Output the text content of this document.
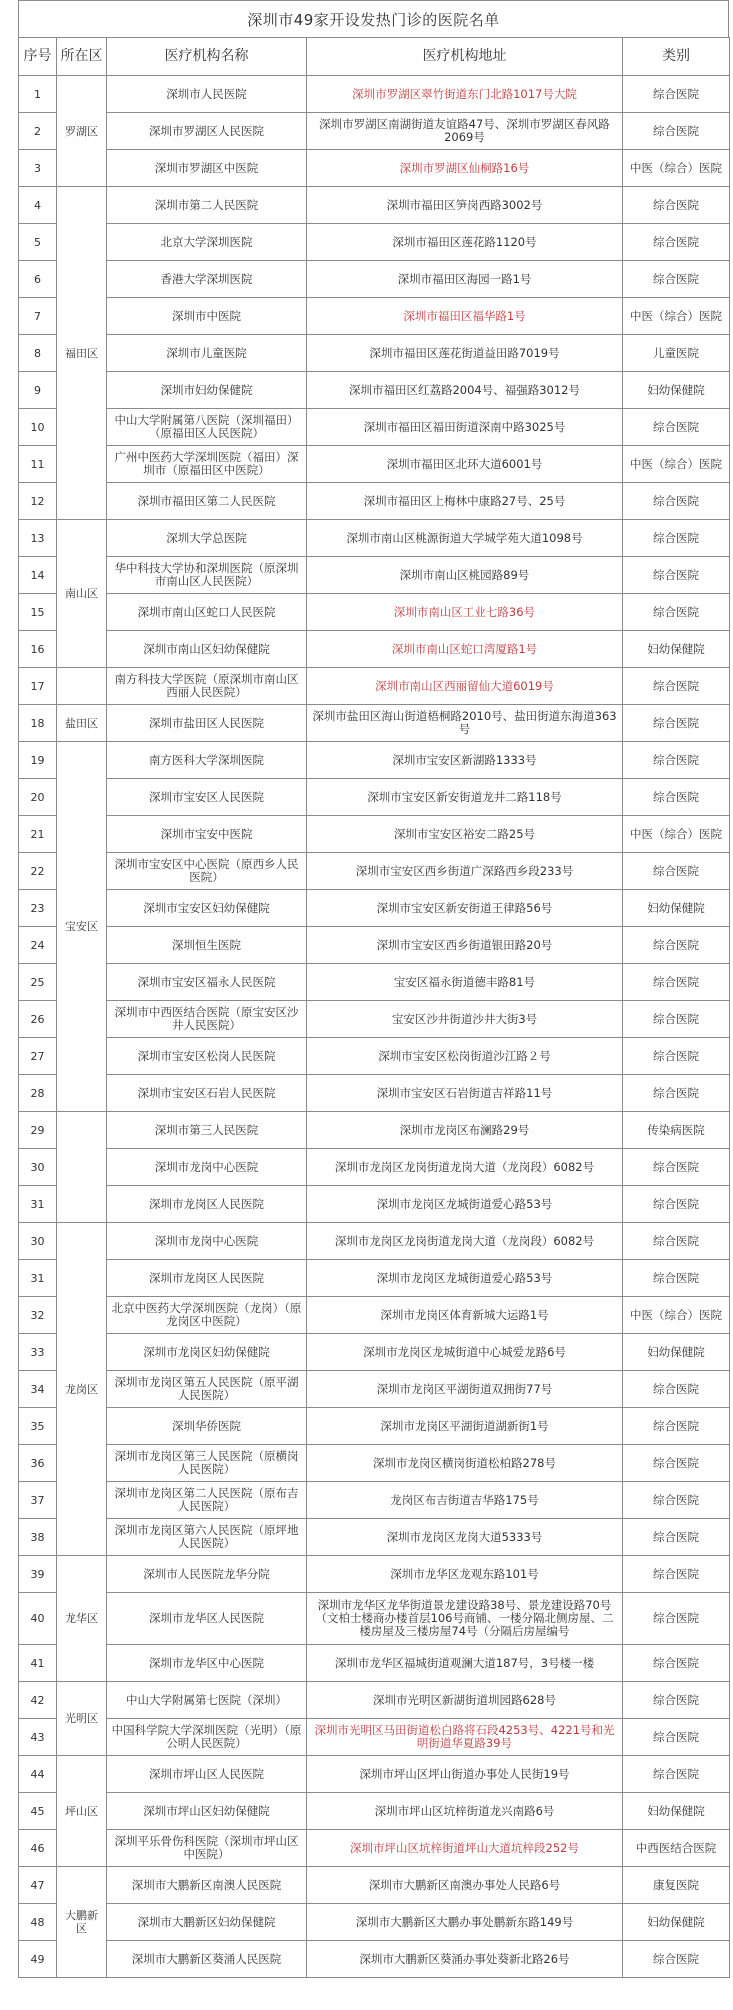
深圳市49家开设发热门诊的医院名单
序号	所在区	医疗机构名称	医疗机构地址	类别
1	罗湖区	深圳市人民医院	深圳市罗湖区翠竹街道东门北路1017号大院	综合医院
2		深圳市罗湖区人民医院	深圳市罗湖区南湖街道友谊路47号、深圳市罗湖区春风路2069号	综合医院
3		深圳市罗湖区中医院	深圳市罗湖区仙桐路16号	中医（综合）医院
4	福田区	深圳市第二人民医院	深圳市福田区笋岗西路3002号	综合医院
5		北京大学深圳医院	深圳市福田区莲花路1120号	综合医院
6		香港大学深圳医院	深圳市福田区海园一路1号	综合医院
7		深圳市中医院	深圳市福田区福华路1号	中医（综合）医院
8		深圳市儿童医院	深圳市福田区莲花街道益田路7019号	儿童医院
9		深圳市妇幼保健院	深圳市福田区红荔路2004号、福强路3012号	妇幼保健院
10		中山大学附属第八医院（深圳福田）（原福田区人民医院）	深圳市福田区福田街道深南中路3025号	综合医院
11		广州中医药大学深圳医院（福田）深圳市（原福田区中医院）	深圳市福田区北环大道6001号	中医（综合）医院
12		深圳市福田区第二人民医院	深圳市福田区上梅林中康路27号、25号	综合医院
13	南山区	深圳大学总医院	深圳市南山区桃源街道大学城学苑大道1098号	综合医院
14		华中科技大学协和深圳医院（原深圳市南山区人民医院）	深圳市南山区桃园路89号	综合医院
15		深圳市南山区蛇口人民医院	深圳市南山区工业七路36号	综合医院
16		深圳市南山区妇幼保健院	深圳市南山区蛇口湾厦路1号	妇幼保健院
17		南方科技大学医院（原深圳市南山区西丽人民医院）	深圳市南山区西丽留仙大道6019号	综合医院
18	盐田区	深圳市盐田区人民医院	深圳市盐田区海山街道梧桐路2010号、盐田街道东海道363号	综合医院
19	宝安区	南方医科大学深圳医院	深圳市宝安区新湖路1333号	综合医院
20		深圳市宝安区人民医院	深圳市宝安区新安街道龙井二路118号	综合医院
21		深圳市宝安中医院	深圳市宝安区裕安二路25号	中医（综合）医院
22		深圳市宝安区中心医院（原西乡人民医院）	深圳市宝安区西乡街道广深路西乡段233号	综合医院
23		深圳市宝安区妇幼保健院	深圳市宝安区新安街道王律路56号	妇幼保健院
24		深圳恒生医院	深圳市宝安区西乡街道银田路20号	综合医院
25		深圳市宝安区福永人民医院	宝安区福永街道德丰路81号	综合医院
26		深圳市中西医结合医院（原宝安区沙井人民医院）	宝安区沙井街道沙井大街3号	综合医院
27		深圳市宝安区松岗人民医院	深圳市宝安区松岗街道沙江路２号	综合医院
28		深圳市宝安区石岩人民医院	深圳市宝安区石岩街道吉祥路11号	综合医院
29		深圳市第三人民医院	深圳市龙岗区布澜路29号	传染病医院
30		深圳市龙岗中心医院	深圳市龙岗区龙岗街道龙岗大道（龙岗段）6082号	综合医院
31		深圳市龙岗区人民医院	深圳市龙岗区龙城街道爱心路53号	综合医院
30	龙岗区	深圳市龙岗中心医院	深圳市龙岗区龙岗街道龙岗大道（龙岗段）6082号	综合医院
31		深圳市龙岗区人民医院	深圳市龙岗区龙城街道爱心路53号	综合医院
32		北京中医药大学深圳医院（龙岗）（原龙岗区中医院）	深圳市龙岗区体育新城大运路1号	中医（综合）医院
33		深圳市龙岗区妇幼保健院	深圳市龙岗区龙城街道中心城爱龙路6号	妇幼保健院
34		深圳市龙岗区第五人民医院（原平湖人民医院）	深圳市龙岗区平湖街道双拥街77号	综合医院
35		深圳华侨医院	深圳市龙岗区平湖街道湖新街1号	综合医院
36		深圳市龙岗区第三人民医院（原横岗人民医院）	深圳市龙岗区横岗街道松柏路278号	综合医院
37		深圳市龙岗区第二人民医院（原布吉人民医院）	龙岗区布吉街道吉华路175号	综合医院
38		深圳市龙岗区第六人民医院（原坪地人民医院）	深圳市龙岗区龙岗大道5333号	综合医院
39	龙华区	深圳市人民医院龙华分院	深圳市龙华区龙观东路101号	综合医院
40		深圳市龙华区人民医院	深圳市龙华区龙华街道景龙建设路38号、景龙建设路70号（文柏士楼商办楼首层106号商铺、一楼分隔北侧房屋、二楼房屋及三楼房屋74号（分隔后房屋编号	综合医院
41		深圳市龙华区中心医院	深圳市龙华区福城街道观澜大道187号，3号楼一楼	综合医院
42	光明区	中山大学附属第七医院（深圳）	深圳市光明区新湖街道圳园路628号	综合医院
43		中国科学院大学深圳医院（光明）（原公明人民医院）	深圳市光明区马田街道松白路将石段4253号、4221号和光明街道华夏路39号	综合医院
44	坪山区	深圳市坪山区人民医院	深圳市坪山区坪山街道办事处人民街19号	综合医院
45		深圳市坪山区妇幼保健院	深圳市坪山区坑梓街道龙兴南路6号	妇幼保健院
46		深圳平乐骨伤科医院（深圳市坪山区中医院）	深圳市坪山区坑梓街道坪山大道坑梓段252号	中西医结合医院
47	大鹏新区	深圳市大鹏新区南澳人民医院	深圳市大鹏新区南澳办事处人民路6号	康复医院
48		深圳市大鹏新区妇幼保健院	深圳市大鹏新区大鹏办事处鹏新东路149号	妇幼保健院
49		深圳市大鹏新区葵涌人民医院	深圳市大鹏新区葵涌办事处葵新北路26号	综合医院
